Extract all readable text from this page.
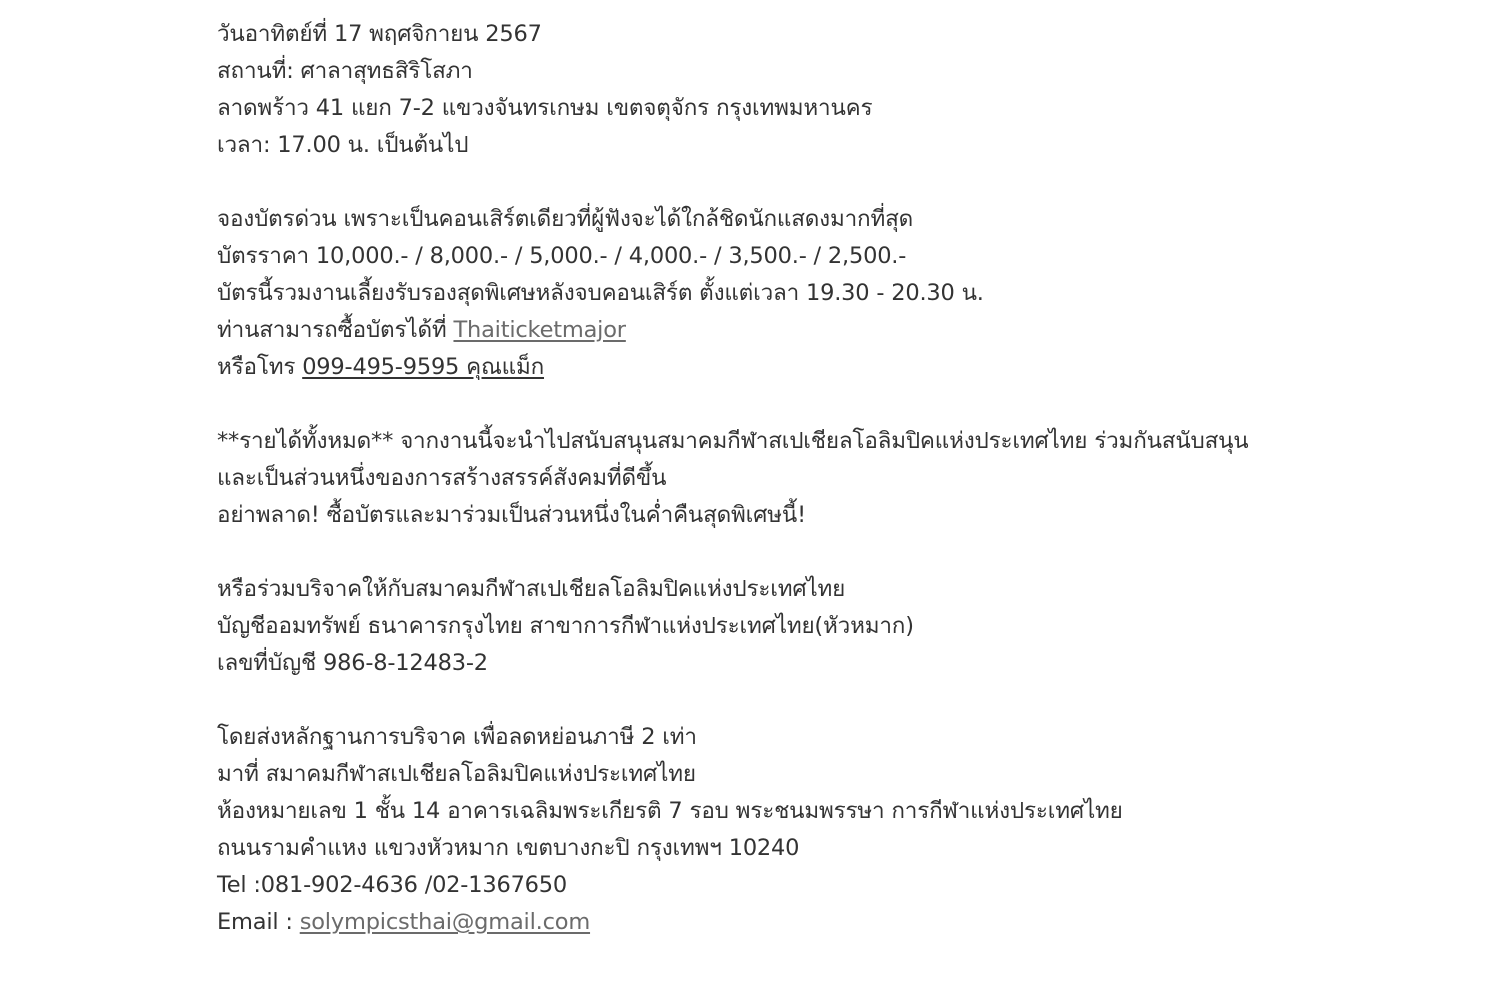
วันอาทิตย์ที่ 17 พฤศจิกายน 2567
สถานที่: ศาลาสุทธสิริโสภา
ลาดพร้าว 41 แยก 7-2 แขวงจันทรเกษม เขตจตุจักร กรุงเทพมหานคร
เวลา: 17.00 น. เป็นต้นไป
จองบัตรด่วน เพราะเป็นคอนเสิร์ตเดียวที่ผู้ฟังจะได้ใกล้ชิดนักแสดงมากที่สุด
บัตรราคา 10,000.- / 8,000.- / 5,000.- / 4,000.- / 3,500.- / 2,500.-
บัตรนี้รวมงานเลี้ยงรับรองสุดพิเศษหลังจบคอนเสิร์ต ตั้งแต่เวลา 19.30 - 20.30 น.
ท่านสามารถซื้อบัตรได้ที่ Thaiticketmajor
หรือโทร 099-495-9595 คุณแม็ก
**รายได้ทั้งหมด** จากงานนี้จะนำไปสนับสนุนสมาคมกีฬาสเปเชียลโอลิมปิคแห่งประเทศไทย ร่วมกันสนับสนุน
และเป็นส่วนหนึ่งของการสร้างสรรค์สังคมที่ดีขึ้น
อย่าพลาด! ซื้อบัตรและมาร่วมเป็นส่วนหนึ่งในค่ำคืนสุดพิเศษนี้!
หรือร่วมบริจาคให้กับสมาคมกีฬาสเปเชียลโอลิมปิคแห่งประเทศไทย
บัญชีออมทรัพย์ ธนาคารกรุงไทย สาขาการกีฬาแห่งประเทศไทย(หัวหมาก)
เลขที่บัญชี 986-8-12483-2
โดยส่งหลักฐานการบริจาค เพื่อลดหย่อนภาษี 2 เท่า
มาที่ สมาคมกีฬาสเปเชียลโอลิมปิคแห่งประเทศไทย
ห้องหมายเลข 1 ชั้น 14 อาคารเฉลิมพระเกียรติ 7 รอบ พระชนมพรรษา การกีฬาแห่งประเทศไทย
ถนนรามคำแหง แขวงหัวหมาก เขตบางกะปิ กรุงเทพฯ 10240
Tel :081-902-4636 /02-1367650
Email : solympicsthai@gmail.com
